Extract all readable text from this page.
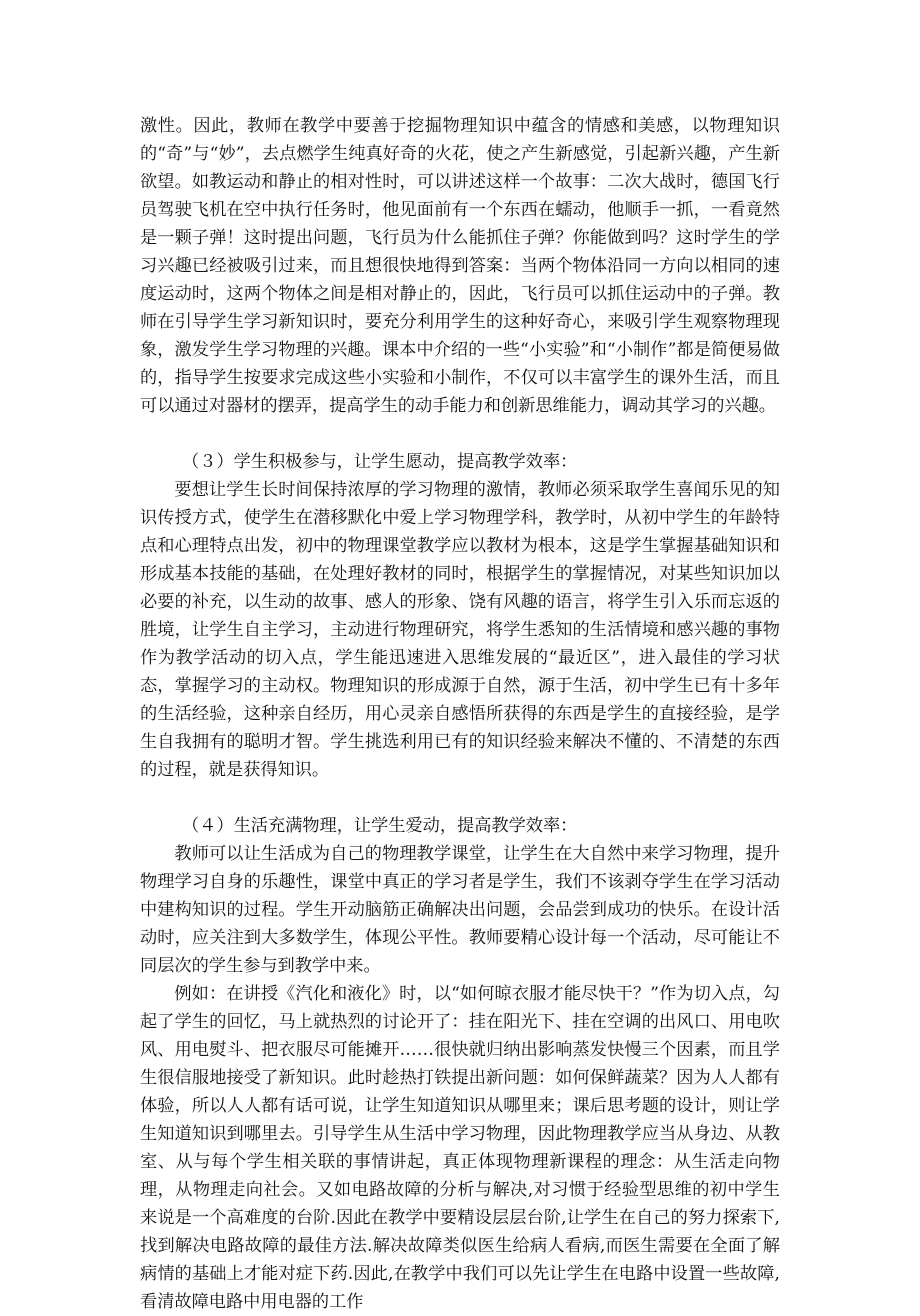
激性。因此，教师在教学中要善于挖掘物理知识中蕴含的情感和美感，以物理知识的“奇”与“妙”，去点燃学生纯真好奇的火花，使之产生新感觉，引起新兴趣，产生新欲望。如教运动和静止的相对性时，可以讲述这样一个故事：二次大战时，德国飞行员驾驶飞机在空中执行任务时，他见面前有一个东西在蠕动，他顺手一抓，一看竟然是一颗子弹！这时提出问题，飞行员为什么能抓住子弹？你能做到吗？这时学生的学习兴趣已经被吸引过来，而且想很快地得到答案：当两个物体沿同一方向以相同的速度运动时，这两个物体之间是相对静止的，因此，飞行员可以抓住运动中的子弹。教师在引导学生学习新知识时，要充分利用学生的这种好奇心，来吸引学生观察物理现象，激发学生学习物理的兴趣。课本中介绍的一些“小实验”和“小制作”都是简便易做的，指导学生按要求完成这些小实验和小制作，不仅可以丰富学生的课外生活，而且可以通过对器材的摆弄，提高学生的动手能力和创新思维能力，调动其学习的兴趣。

（３）学生积极参与，让学生愿动，提高教学效率：

要想让学生长时间保持浓厚的学习物理的激情，教师必须采取学生喜闻乐见的知识传授方式，使学生在潜移默化中爱上学习物理学科，教学时，从初中学生的年龄特点和心理特点出发，初中的物理课堂教学应以教材为根本，这是学生掌握基础知识和形成基本技能的基础，在处理好教材的同时，根据学生的掌握情况，对某些知识加以必要的补充，以生动的故事、感人的形象、饶有风趣的语言，将学生引入乐而忘返的胜境，让学生自主学习，主动进行物理研究，将学生悉知的生活情境和感兴趣的事物作为教学活动的切入点，学生能迅速进入思维发展的“最近区”，进入最佳的学习状态，掌握学习的主动权。物理知识的形成源于自然，源于生活，初中学生已有十多年的生活经验，这种亲自经历，用心灵亲自感悟所获得的东西是学生的直接经验，是学生自我拥有的聪明才智。学生挑选利用已有的知识经验来解决不懂的、不清楚的东西的过程，就是获得知识。

（４）生活充满物理，让学生爱动，提高教学效率：

教师可以让生活成为自己的物理教学课堂，让学生在大自然中来学习物理，提升物理学习自身的乐趣性，课堂中真正的学习者是学生，我们不该剥夺学生在学习活动中建构知识的过程。学生开动脑筋正确解决出问题，会品尝到成功的快乐。在设计活动时，应关注到大多数学生，体现公平性。教师要精心设计每一个活动，尽可能让不同层次的学生参与到教学中来。

例如：在讲授《汽化和液化》时，以“如何晾衣服才能尽快干？”作为切入点，勾起了学生的回忆，马上就热烈的讨论开了：挂在阳光下、挂在空调的出风口、用电吹风、用电熨斗、把衣服尽可能摊开……很快就归纳出影响蒸发快慢三个因素，而且学生很信服地接受了新知识。此时趁热打铁提出新问题：如何保鲜蔬菜？因为人人都有体验，所以人人都有话可说，让学生知道知识从哪里来；课后思考题的设计，则让学生知道知识到哪里去。引导学生从生活中学习物理，因此物理教学应当从身边、从教室、从与每个学生相关联的事情讲起，真正体现物理新课程的理念：从生活走向物理，从物理走向社会。又如电路故障的分析与解决,对习惯于经验型思维的初中学生来说是一个高难度的台阶.因此在教学中要精设层层台阶,让学生在自己的努力探索下,找到解决电路故障的最佳方法.解决故障类似医生给病人看病,而医生需要在全面了解病情的基础上才能对症下药.因此,在教学中我们可以先让学生在电路中设置一些故障,看清故障电路中用电器的工作
